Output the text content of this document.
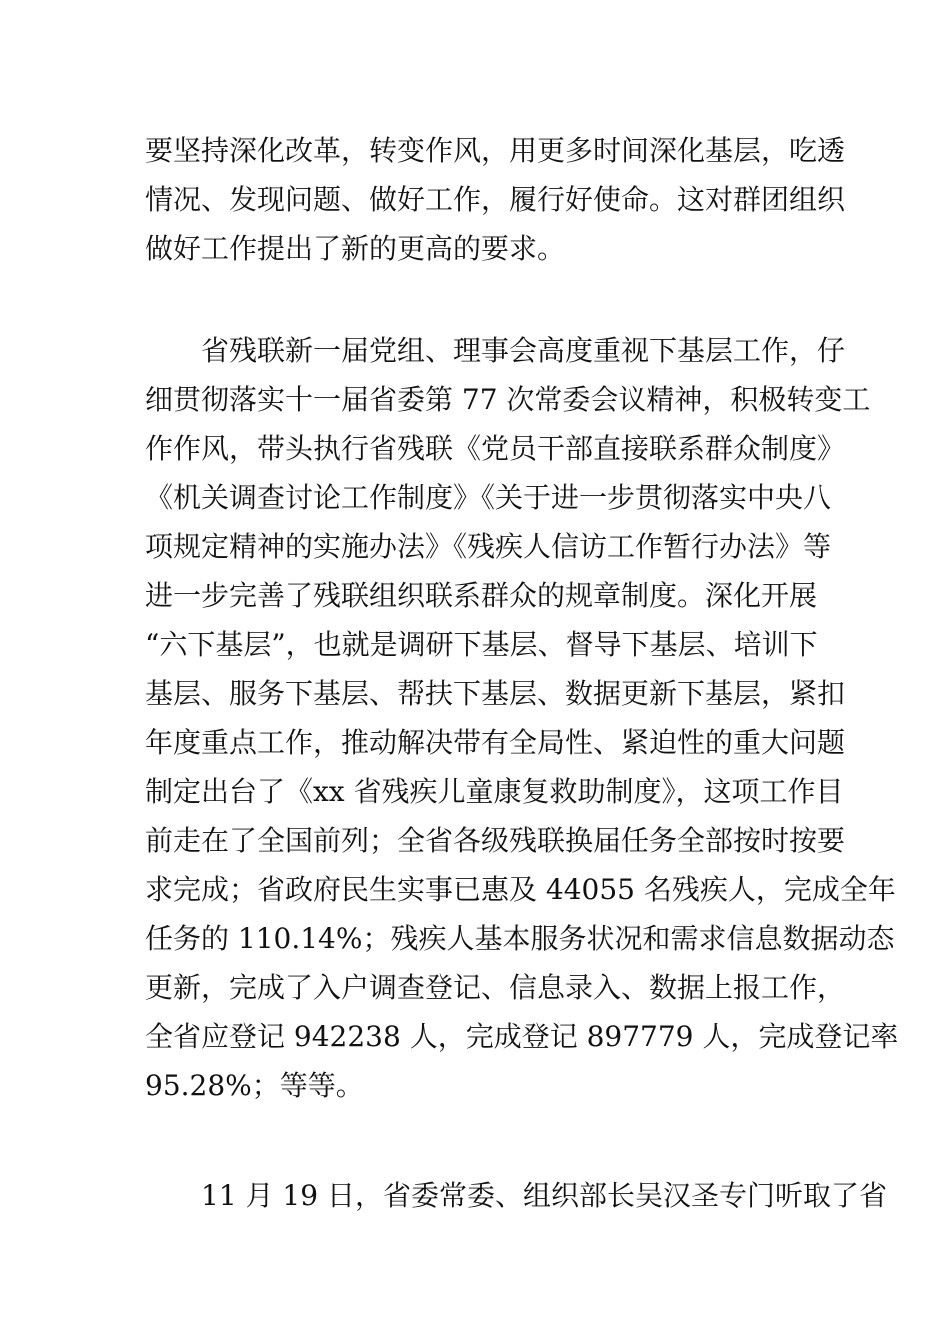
要坚持深化改革，转变作风，用更多时间深化基层，吃透
情况、发现问题、做好工作，履行好使命。这对群团组织
做好工作提出了新的更高的要求。
省残联新一届党组、理事会高度重视下基层工作，仔
细贯彻落实十一届省委第 77 次常委会议精神，积极转变工
作作风，带头执行省残联《党员干部直接联系群众制度》
《机关调查讨论工作制度》《关于进一步贯彻落实中央八
项规定精神的实施办法》《残疾人信访工作暂行办法》等
进一步完善了残联组织联系群众的规章制度。深化开展
“六下基层”，也就是调研下基层、督导下基层、培训下
基层、服务下基层、帮扶下基层、数据更新下基层，紧扣
年度重点工作，推动解决带有全局性、紧迫性的重大问题
制定出台了《xx 省残疾儿童康复救助制度》，这项工作目
前走在了全国前列；全省各级残联换届任务全部按时按要
求完成；省政府民生实事已惠及 44055 名残疾人，完成全年
任务的 110.14%；残疾人基本服务状况和需求信息数据动态
更新，完成了入户调查登记、信息录入、数据上报工作，
全省应登记 942238 人，完成登记 897779 人，完成登记率
95.28%；等等。
11 月 19 日，省委常委、组织部长吴汉圣专门听取了省
